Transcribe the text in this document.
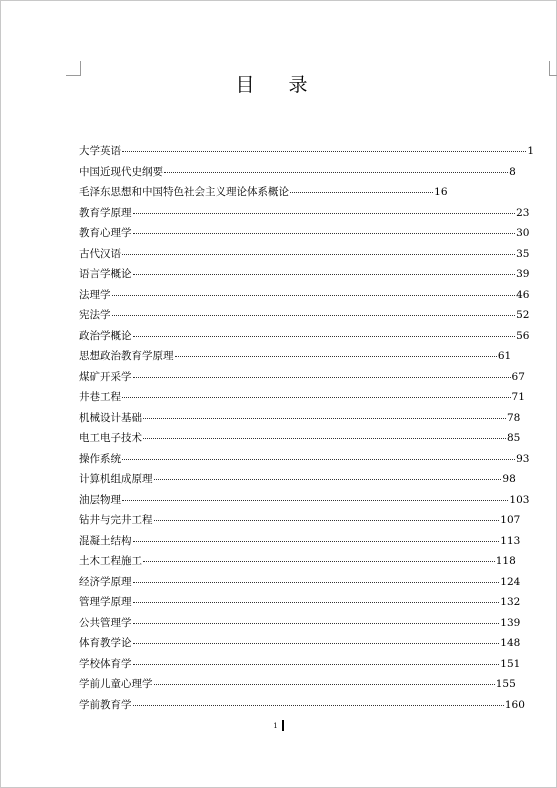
目 录
大学英语	1
中国近现代史纲要	8
毛泽东思想和中国特色社会主义理论体系概论	16
教育学原理	23
教育心理学	30
古代汉语	35
语言学概论	39
法理学	46
宪法学	52
政治学概论	56
思想政治教育学原理	61
煤矿开采学	67
井巷工程	71
机械设计基础	78
电工电子技术	85
操作系统	93
计算机组成原理	98
油层物理	103
钻井与完井工程	107
混凝土结构	113
土木工程施工	118
经济学原理	124
管理学原理	132
公共管理学	139
体育教学论	148
学校体育学	151
学前儿童心理学	155
学前教育学	160
1
